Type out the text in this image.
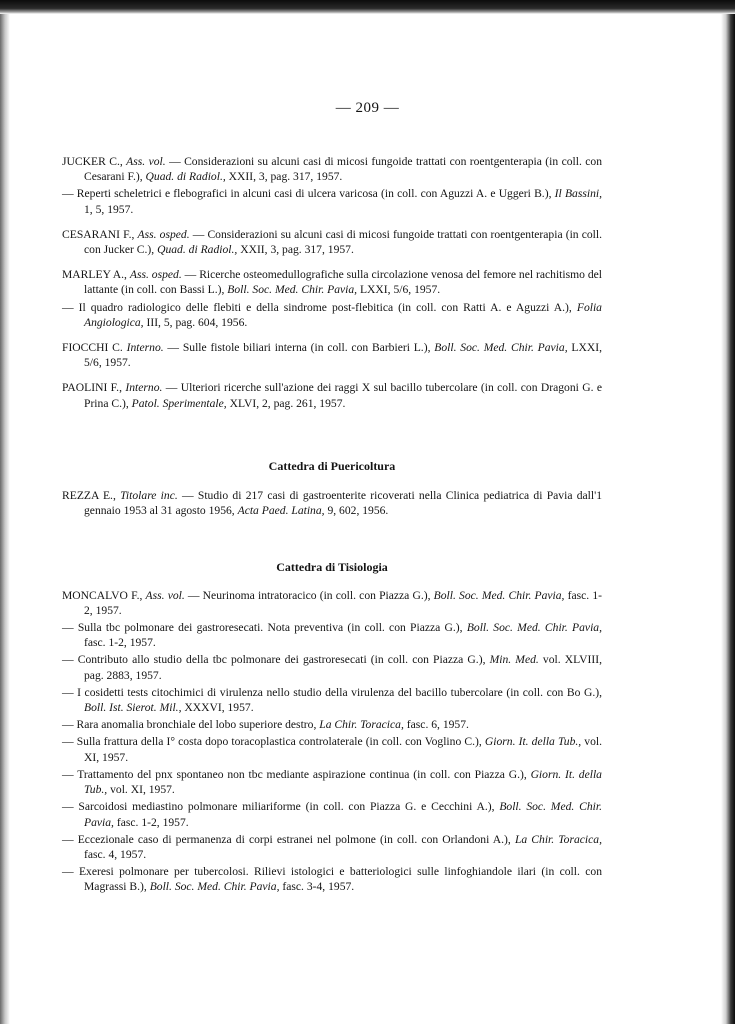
— 209 —

JUCKER C., Ass. vol. — Considerazioni su alcuni casi di micosi fungoide trattati con roentgenterapia (in coll. con Cesarani F.), Quad. di Radiol., XXII, 3, pag. 317, 1957.

— Reperti scheletrici e flebografici in alcuni casi di ulcera varicosa (in coll. con Aguzzi A. e Uggeri B.), Il Bassini, 1, 5, 1957.

CESARANI F., Ass. osped. — Considerazioni su alcuni casi di micosi fungoide trattati con roentgenterapia (in coll. con Jucker C.), Quad. di Radiol., XXII, 3, pag. 317, 1957.

MARLEY A., Ass. osped. — Ricerche osteomedullografiche sulla circolazione venosa del femore nel rachitismo del lattante (in coll. con Bassi L.), Boll. Soc. Med. Chir. Pavia, LXXI, 5/6, 1957.

— Il quadro radiologico delle flebiti e della sindrome post-flebitica (in coll. con Ratti A. e Aguzzi A.), Folia Angiologica, III, 5, pag. 604, 1956.

FIOCCHI C. Interno. — Sulle fistole biliari interna (in coll. con Barbieri L.), Boll. Soc. Med. Chir. Pavia, LXXI, 5/6, 1957.

PAOLINI F., Interno. — Ulteriori ricerche sull'azione dei raggi X sul bacillo tubercolare (in coll. con Dragoni G. e Prina C.), Patol. Sperimentale, XLVI, 2, pag. 261, 1957.

Cattedra di Puericoltura

REZZA E., Titolare inc. — Studio di 217 casi di gastroenterite ricoverati nella Clinica pediatrica di Pavia dall'1 gennaio 1953 al 31 agosto 1956, Acta Paed. Latina, 9, 602, 1956.

Cattedra di Tisiologia

MONCALVO F., Ass. vol. — Neurinoma intratoracico (in coll. con Piazza G.), Boll. Soc. Med. Chir. Pavia, fasc. 1-2, 1957.

— Sulla tbc polmonare dei gastroresecati. Nota preventiva (in coll. con Piazza G.), Boll. Soc. Med. Chir. Pavia, fasc. 1-2, 1957.

— Contributo allo studio della tbc polmonare dei gastroresecati (in coll. con Piazza G.), Min. Med. vol. XLVIII, pag. 2883, 1957.

— I cosidetti tests citochimici di virulenza nello studio della virulenza del bacillo tubercolare (in coll. con Bo G.), Boll. Ist. Sierot. Mil., XXXVI, 1957.

— Rara anomalia bronchiale del lobo superiore destro, La Chir. Toracica, fasc. 6, 1957.

— Sulla frattura della I° costa dopo toracoplastica controlaterale (in coll. con Voglino C.), Giorn. It. della Tub., vol. XI, 1957.

— Trattamento del pnx spontaneo non tbc mediante aspirazione continua (in coll. con Piazza G.), Giorn. It. della Tub., vol. XI, 1957.

— Sarcoidosi mediastino polmonare miliariforme (in coll. con Piazza G. e Cecchini A.), Boll. Soc. Med. Chir. Pavia, fasc. 1-2, 1957.

— Eccezionale caso di permanenza di corpi estranei nel polmone (in coll. con Orlandoni A.), La Chir. Toracica, fasc. 4, 1957.

— Exeresi polmonare per tubercolosi. Rilievi istologici e batteriologici sulle linfoghiandole ilari (in coll. con Magrassi B.), Boll. Soc. Med. Chir. Pavia, fasc. 3-4, 1957.
